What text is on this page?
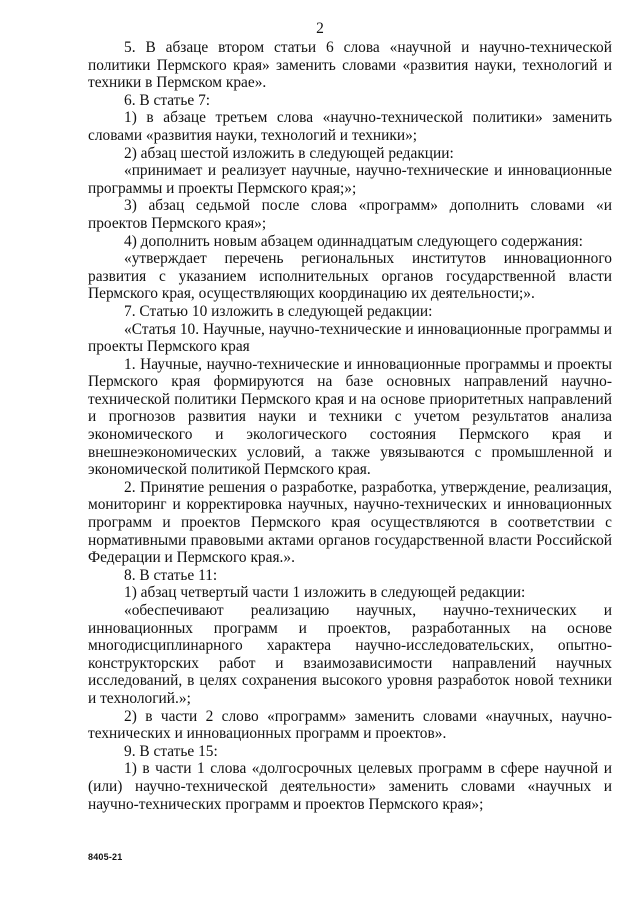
2

5. В абзаце втором статьи 6 слова «научной и научно-технической политики Пермского края» заменить словами «развития науки, технологий и техники в Пермском крае».

6. В статье 7:

1) в абзаце третьем слова «научно-технической политики» заменить словами «развития науки, технологий и техники»;

2) абзац шестой изложить в следующей редакции:

«принимает и реализует научные, научно-технические и инновационные программы и проекты Пермского края;»;

3) абзац седьмой после слова «программ» дополнить словами «и проектов Пермского края»;

4) дополнить новым абзацем одиннадцатым следующего содержания:

«утверждает перечень региональных институтов инновационного развития с указанием исполнительных органов государственной власти Пермского края, осуществляющих координацию их деятельности;».

7. Статью 10 изложить в следующей редакции:

«Статья 10. Научные, научно-технические и инновационные программы и проекты Пермского края

1. Научные, научно-технические и инновационные программы и проекты Пермского края формируются на базе основных направлений научно-технической политики Пермского края и на основе приоритетных направлений и прогнозов развития науки и техники с учетом результатов анализа экономического и экологического состояния Пермского края и внешнеэкономических условий, а также увязываются с промышленной и экономической политикой Пермского края.

2. Принятие решения о разработке, разработка, утверждение, реализация, мониторинг и корректировка научных, научно-технических и инновационных программ и проектов Пермского края осуществляются в соответствии с нормативными правовыми актами органов государственной власти Российской Федерации и Пермского края.».

8. В статье 11:

1) абзац четвертый части 1 изложить в следующей редакции:

«обеспечивают реализацию научных, научно-технических и инновационных программ и проектов, разработанных на основе многодисциплинарного характера научно-исследовательских, опытно-конструкторских работ и взаимозависимости направлений научных исследований, в целях сохранения высокого уровня разработок новой техники и технологий.»;

2) в части 2 слово «программ» заменить словами «научных, научно-технических и инновационных программ и проектов».

9. В статье 15:

1) в части 1 слова «долгосрочных целевых программ в сфере научной и (или) научно-технической деятельности» заменить словами «научных и научно-технических программ и проектов Пермского края»;

8405-21
